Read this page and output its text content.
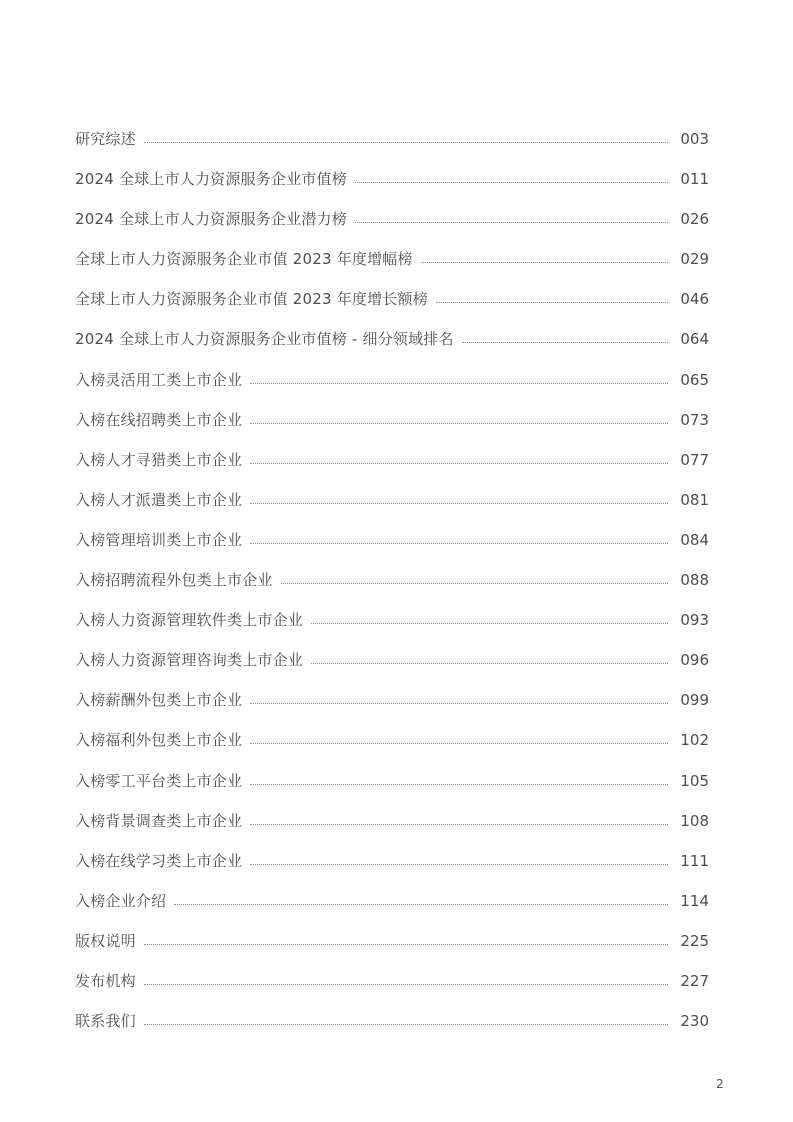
研究综述	003
2024 全球上市人力资源服务企业市值榜	011
2024 全球上市人力资源服务企业潜力榜	026
全球上市人力资源服务企业市值 2023 年度增幅榜	029
全球上市人力资源服务企业市值 2023 年度增长额榜	046
2024 全球上市人力资源服务企业市值榜 - 细分领域排名	064
入榜灵活用工类上市企业	065
入榜在线招聘类上市企业	073
入榜人才寻猎类上市企业	077
入榜人才派遣类上市企业	081
入榜管理培训类上市企业	084
入榜招聘流程外包类上市企业	088
入榜人力资源管理软件类上市企业	093
入榜人力资源管理咨询类上市企业	096
入榜薪酬外包类上市企业	099
入榜福利外包类上市企业	102
入榜零工平台类上市企业	105
入榜背景调查类上市企业	108
入榜在线学习类上市企业	111
入榜企业介绍	114
版权说明	225
发布机构	227
联系我们	230
2
